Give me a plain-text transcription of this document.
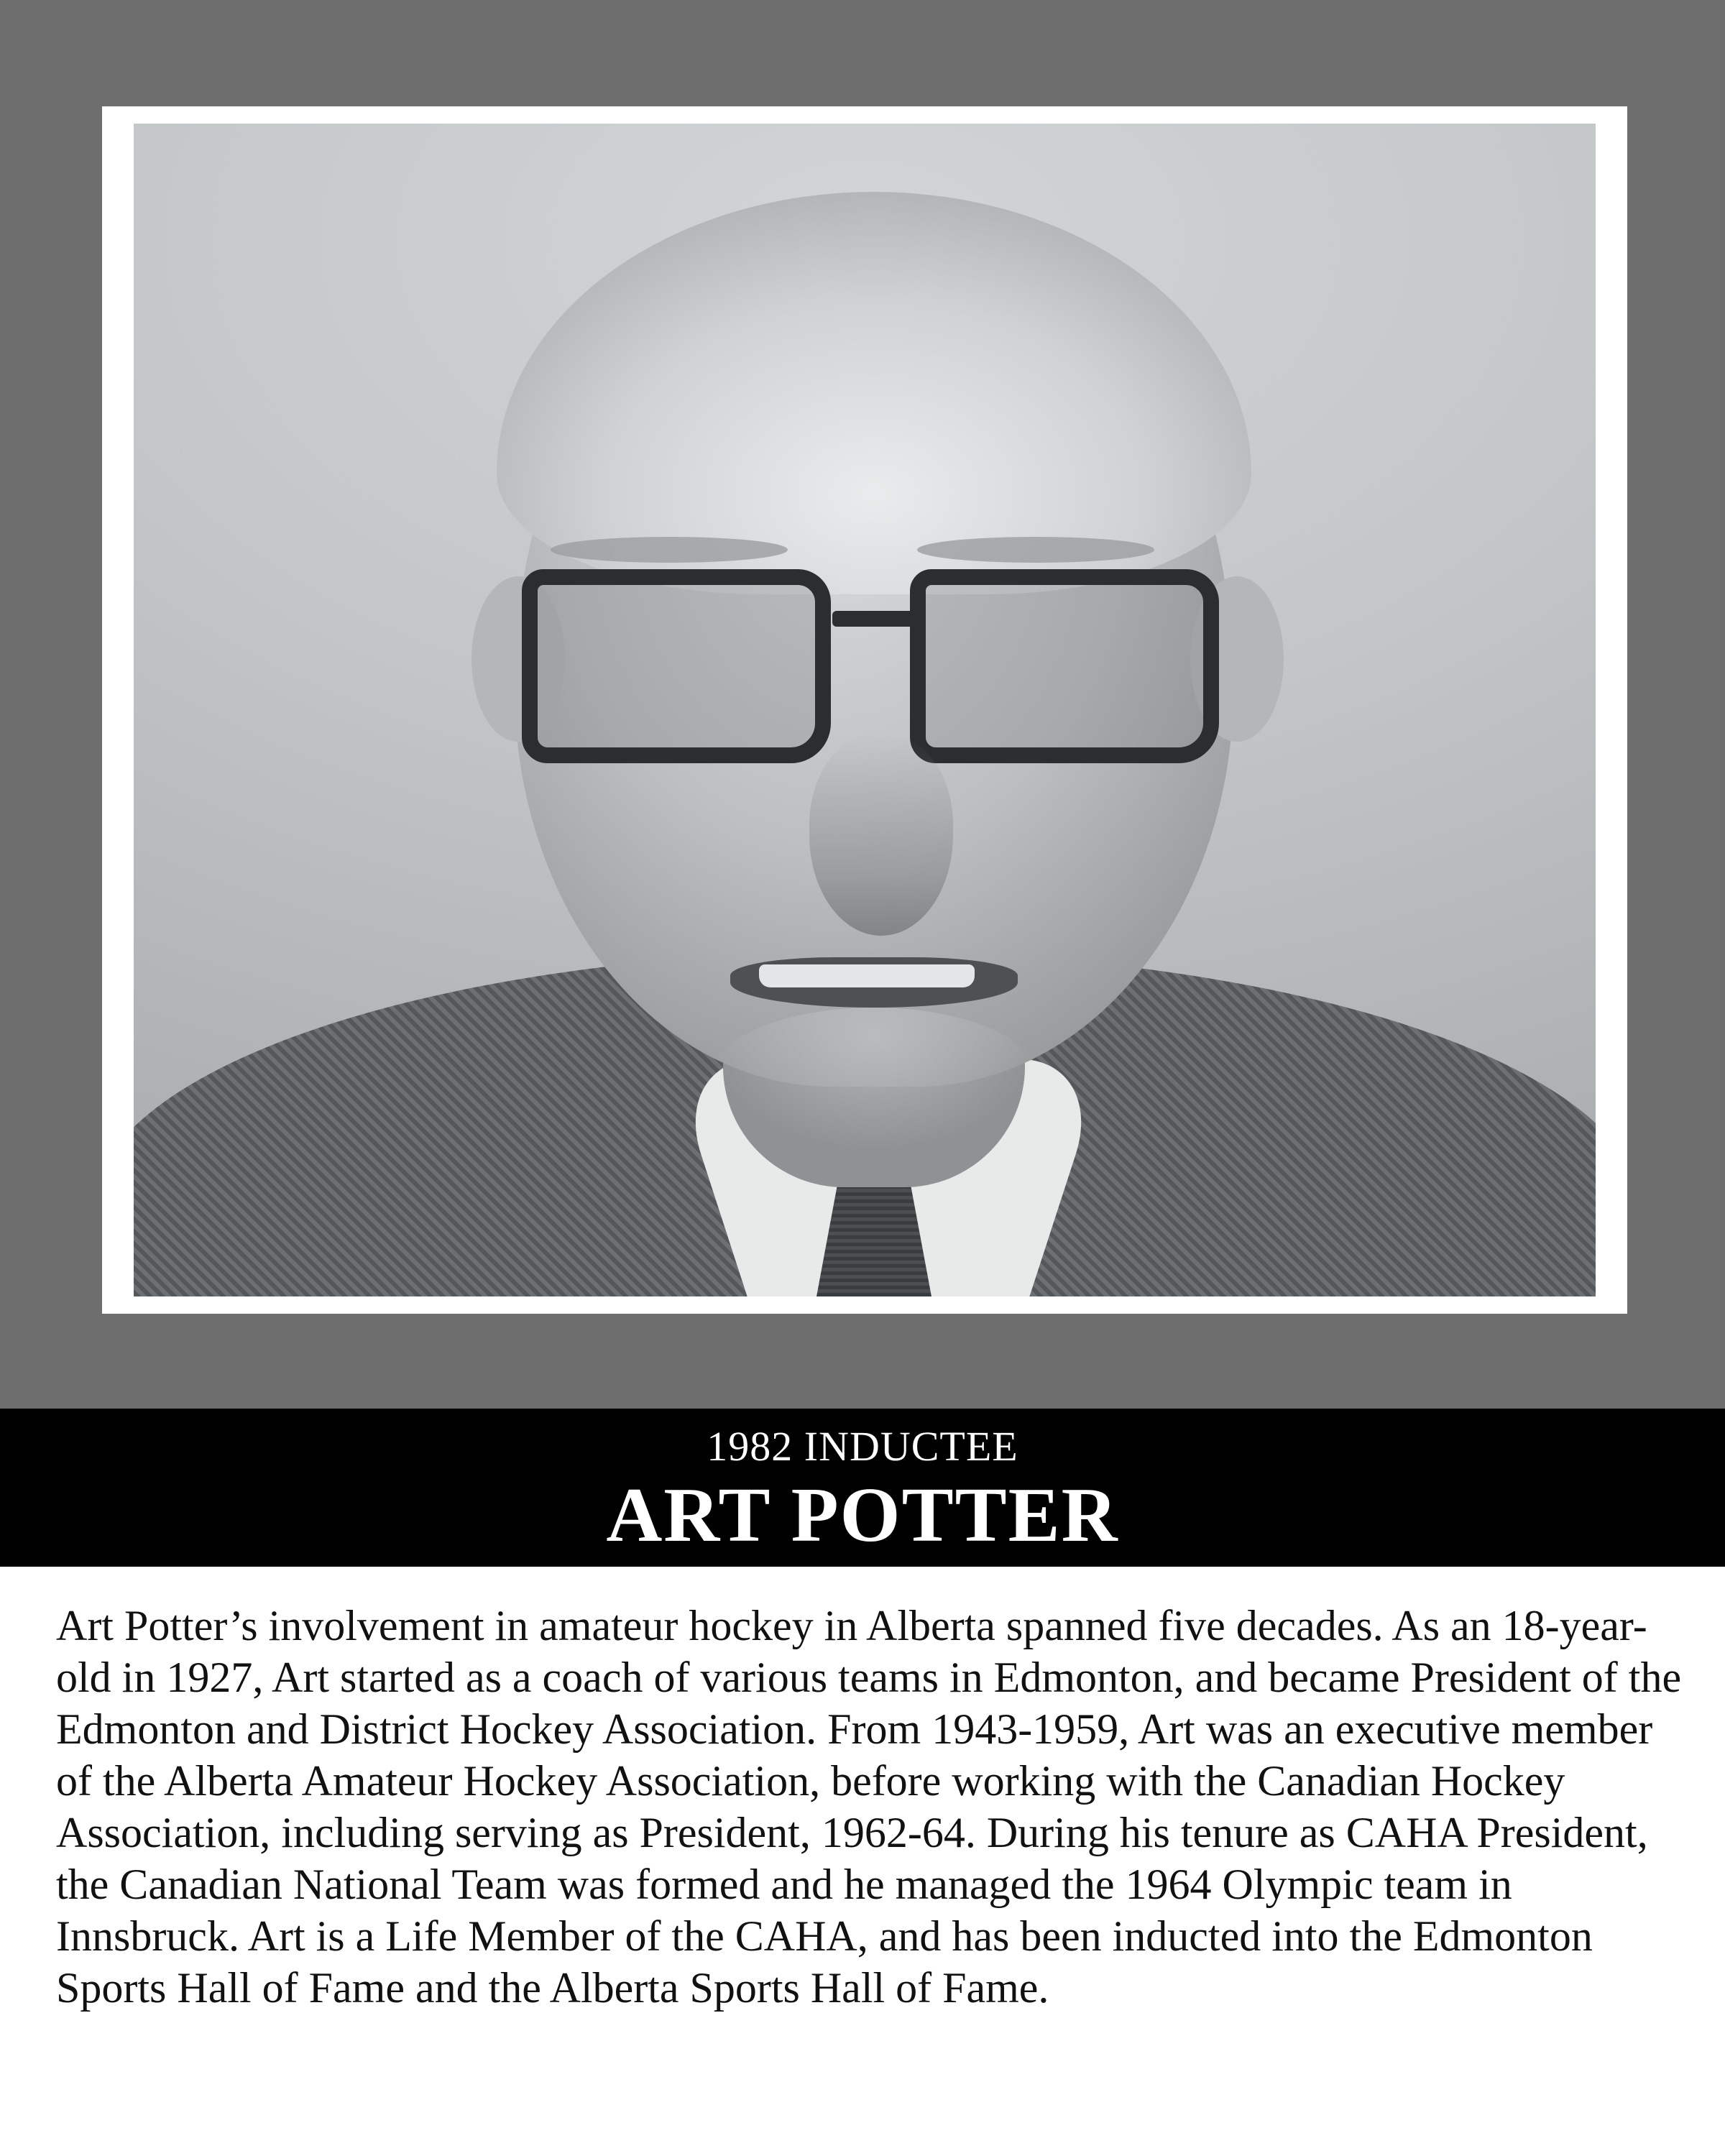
1982 INDUCTEE
ART POTTER
Art Potter’s involvement in amateur hockey in Alberta spanned five decades. As an 18-year-old in 1927, Art started as a coach of various teams in Edmonton, and became President of the Edmonton and District Hockey Association. From 1943-1959, Art was an executive member of the Alberta Amateur Hockey Association, before working with the Canadian Hockey Association, including serving as President, 1962-64. During his tenure as CAHA President, the Canadian National Team was formed and he managed the 1964 Olympic team in Innsbruck. Art is a Life Member of the CAHA, and has been inducted into the Edmonton Sports Hall of Fame and the Alberta Sports Hall of Fame.
